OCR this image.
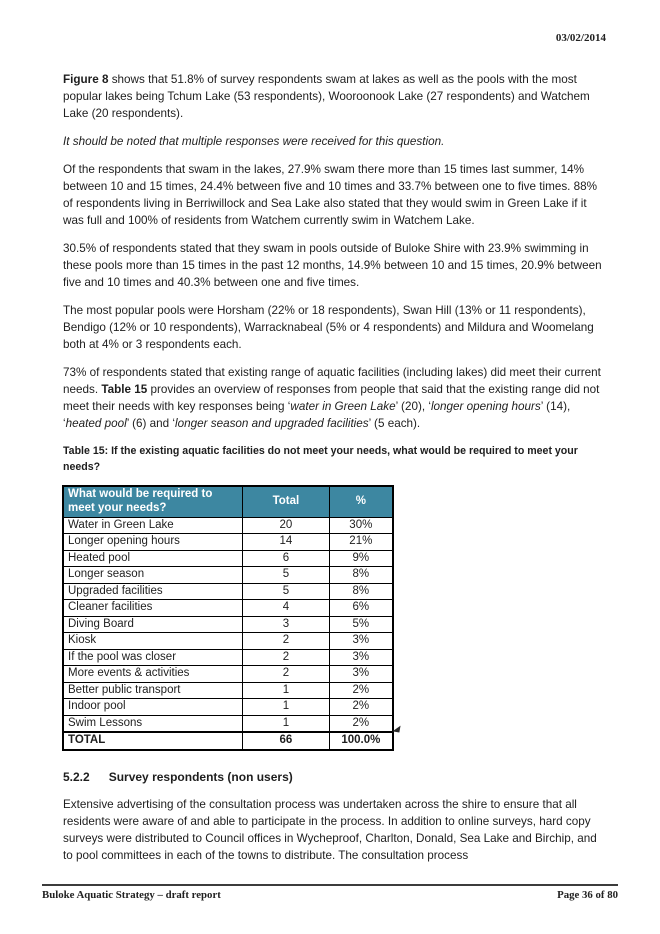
03/02/2014

Figure 8 shows that 51.8% of survey respondents swam at lakes as well as the pools with the most popular lakes being Tchum Lake (53 respondents), Wooroonook Lake (27 respondents) and Watchem Lake (20 respondents).

It should be noted that multiple responses were received for this question.

Of the respondents that swam in the lakes, 27.9% swam there more than 15 times last summer, 14% between 10 and 15 times, 24.4% between five and 10 times and 33.7% between one to five times. 88% of respondents living in Berriwillock and Sea Lake also stated that they would swim in Green Lake if it was full and 100% of residents from Watchem currently swim in Watchem Lake.

30.5% of respondents stated that they swam in pools outside of Buloke Shire with 23.9% swimming in these pools more than 15 times in the past 12 months, 14.9% between 10 and 15 times, 20.9% between five and 10 times and 40.3% between one and five times.

The most popular pools were Horsham (22% or 18 respondents), Swan Hill (13% or 11 respondents), Bendigo (12% or 10 respondents), Warracknabeal (5% or 4 respondents) and Mildura and Woomelang both at 4% or 3 respondents each.

73% of respondents stated that existing range of aquatic facilities (including lakes) did meet their current needs. Table 15 provides an overview of responses from people that said that the existing range did not meet their needs with key responses being ‘water in Green Lake’ (20), ‘longer opening hours’ (14), ‘heated pool’ (6) and ‘longer season and upgraded facilities’ (5 each).

Table 15: If the existing aquatic facilities do not meet your needs, what would be required to meet your needs?

What would be required to meet your needs?	Total	%
Water in Green Lake	20	30%
Longer opening hours	14	21%
Heated pool	6	9%
Longer season	5	8%
Upgraded facilities	5	8%
Cleaner facilities	4	6%
Diving Board	3	5%
Kiosk	2	3%
If the pool was closer	2	3%
More events & activities	2	3%
Better public transport	1	2%
Indoor pool	1	2%
Swim Lessons	1	2%
TOTAL	66	100.0%

5.2.2 Survey respondents (non users)

Extensive advertising of the consultation process was undertaken across the shire to ensure that all residents were aware of and able to participate in the process. In addition to online surveys, hard copy surveys were distributed to Council offices in Wycheproof, Charlton, Donald, Sea Lake and Birchip, and to pool committees in each of the towns to distribute. The consultation process

Buloke Aquatic Strategy – draft report	Page 36 of 80
